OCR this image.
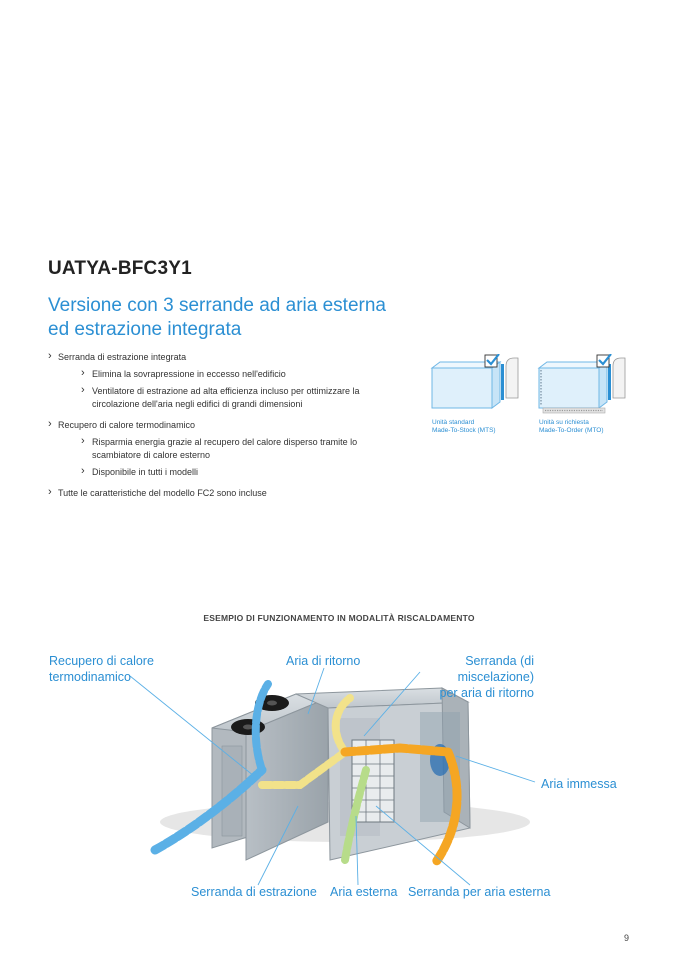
UATYA-BFC3Y1
Versione con 3 serrande ad aria esterna
ed estrazione integrata
› Serranda di estrazione integrata
› Elimina la sovrapressione in eccesso nell'edificio
› Ventilatore di estrazione ad alta efficienza incluso per ottimizzare la circolazione dell'aria negli edifici di grandi dimensioni
› Recupero di calore termodinamico
› Risparmia energia grazie al recupero del calore disperso tramite lo scambiatore di calore esterno
› Disponibile in tutti i modelli
› Tutte le caratteristiche del modello FC2 sono incluse
Unità standard
Made-To-Stock (MTS)
Unità su richiesta
Made-To-Order (MTO)
ESEMPIO DI FUNZIONAMENTO IN MODALITÀ RISCALDAMENTO
Recupero di calore
termodinamico
Aria di ritorno	Serranda (di miscelazione)
per aria di ritorno
Aria immessa
Serranda di estrazione Aria esterna Serranda per aria esterna
9
